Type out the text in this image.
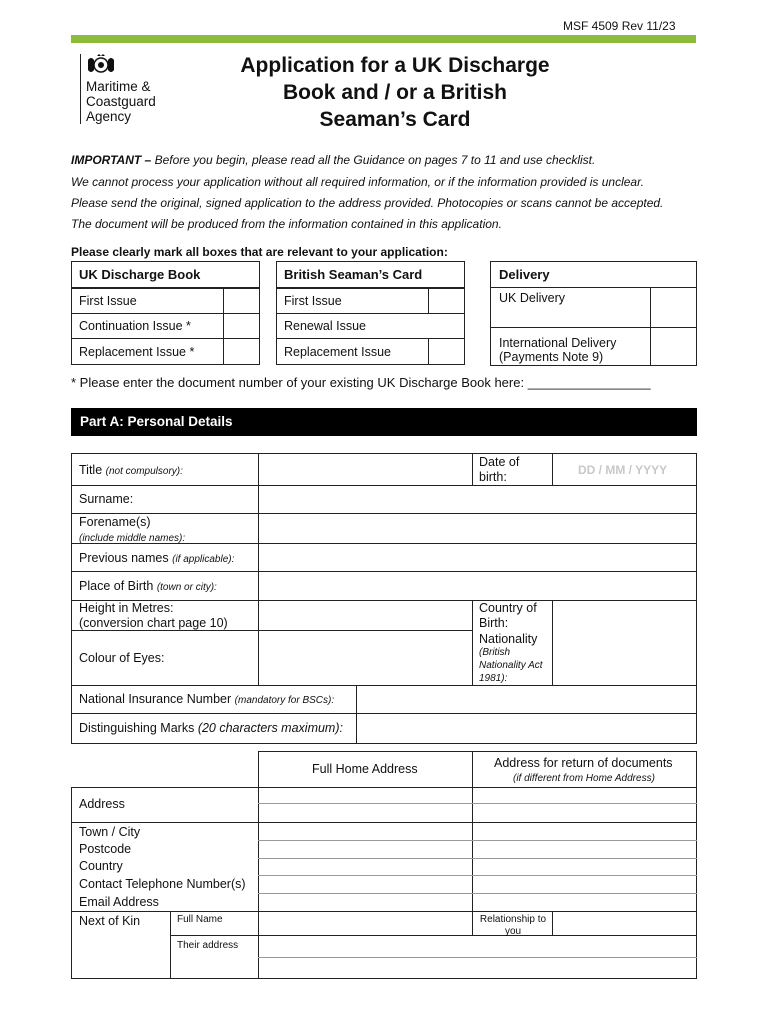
MSF 4509 Rev 11/23
Maritime &
Coastguard
Agency
Application for a UK Discharge
Book and / or a British
Seaman’s Card
IMPORTANT – Before you begin, please read all the Guidance on pages 7 to 11 and use checklist.
We cannot process your application without all required information, or if the information provided is unclear.
Please send the original, signed application to the address provided. Photocopies or scans cannot be accepted.
The document will be produced from the information contained in this application.
Please clearly mark all boxes that are relevant to your application:
UK Discharge Book
First Issue
Continuation Issue *
Replacement Issue *
British Seaman’s Card
First Issue
Renewal Issue
Replacement Issue
Delivery
UK Delivery
International Delivery
(Payments Note 9)
* Please enter the document number of your existing UK Discharge Book here: _________________
Part A: Personal Details
Title (not compulsory):
Date of
birth:	DD / MM / YYYY
Surname:
Forename(s)
(include middle names):
Previous names (if applicable):
Place of Birth (town or city):
Height in Metres:
(conversion chart page 10)
Country of
Birth:
Colour of Eyes:
Nationality
(British
Nationality Act
1981):
National Insurance Number (mandatory for BSCs):
Distinguishing Marks (20 characters maximum):
Full Home Address	Address for return of documents
(if different from Home Address)
Address
Town / City
Postcode
Country
Contact Telephone Number(s)
Email Address
Next of Kin	Full Name	Relationship to
you
Their address
